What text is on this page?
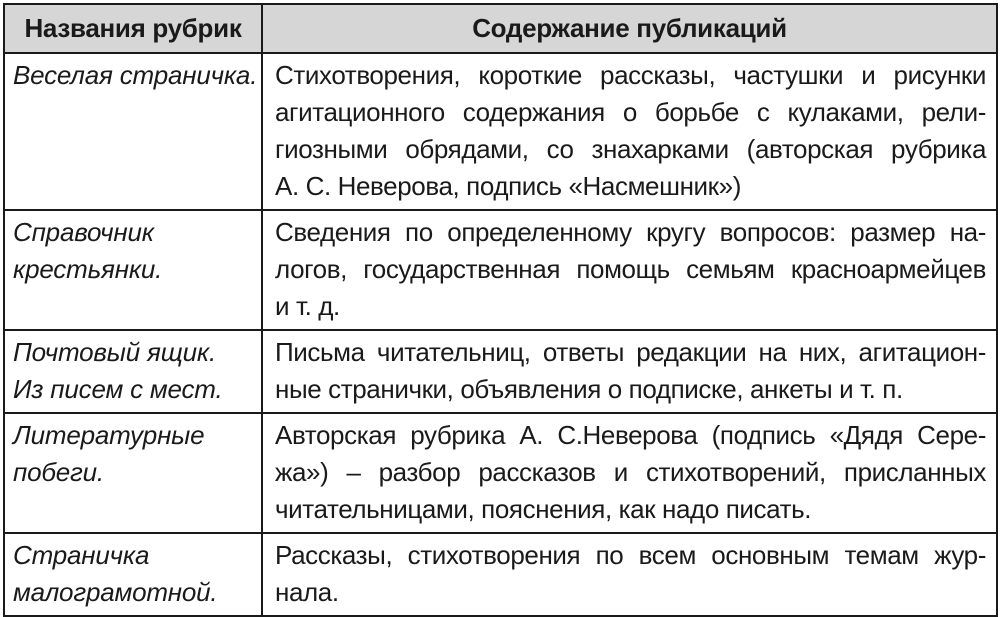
Названия рубрик	Содержание публикаций

Веселая страничка.	Стихотворения, короткие рассказы, частушки и рисунки
агитационного содержания о борьбе с кулаками, рели-
гиозными обрядами, со знахарками (авторская рубрика
А. С. Неверова, подпись «Насмешник»)

Справочник
крестьянки.	Сведения по определенному кругу вопросов: размер на-
логов, государственная помощь семьям красноармейцев
и т. д.

Почтовый ящик.
Из писем с мест.	Письма читательниц, ответы редакции на них, агитацион-
ные странички, объявления о подписке, анкеты и т. п.

Литературные
побеги.	Авторская рубрика А. С.Неверова (подпись «Дядя Сере-
жа») – разбор рассказов и стихотворений, присланных
читательницами, пояснения, как надо писать.

Страничка
малограмотной.	Рассказы, стихотворения по всем основным темам жур-
нала.
